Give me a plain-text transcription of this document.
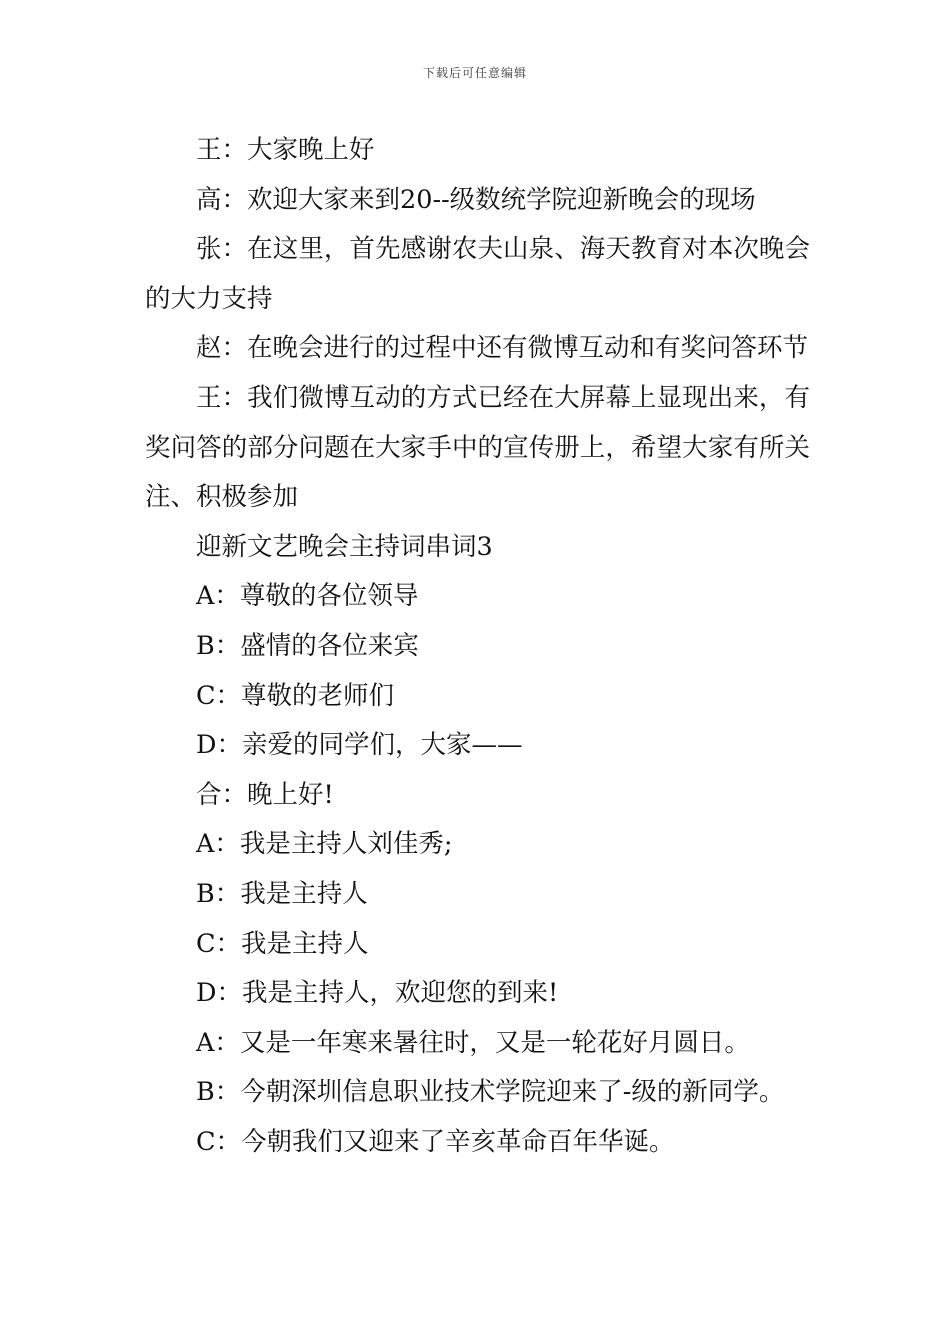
下载后可任意编辑

王：大家晚上好

高：欢迎大家来到20--级数统学院迎新晚会的现场

张：在这里，首先感谢农夫山泉、海天教育对本次晚会的大力支持

赵：在晚会进行的过程中还有微博互动和有奖问答环节

王：我们微博互动的方式已经在大屏幕上显现出来，有奖问答的部分问题在大家手中的宣传册上，希望大家有所关注、积极参加

迎新文艺晚会主持词串词3

A：尊敬的各位领导

B：盛情的各位来宾

C：尊敬的老师们

D：亲爱的同学们，大家——

合：晚上好!

A：我是主持人刘佳秀;

B：我是主持人

C：我是主持人

D：我是主持人，欢迎您的到来!

A：又是一年寒来暑往时，又是一轮花好月圆日。

B：今朝深圳信息职业技术学院迎来了-级的新同学。

C：今朝我们又迎来了辛亥革命百年华诞。
